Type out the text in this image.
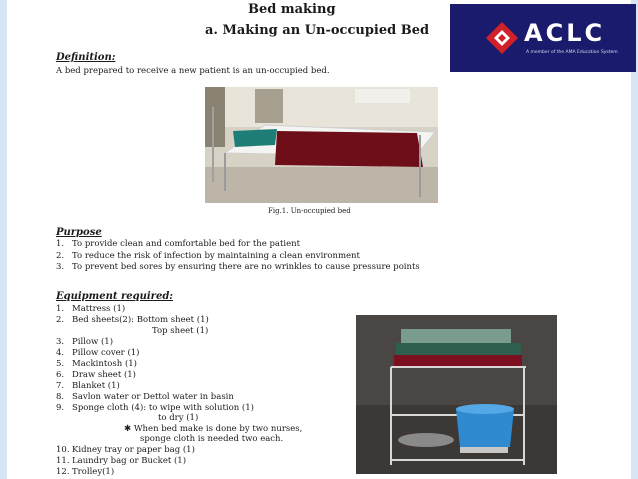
Bed making
a. Making an Un-occupied Bed	ACLC
A member of the AMA Education System
Definition:
A bed prepared to receive a new patient is an un-occupied bed.
Fig.1. Un-occupied bed
Purpose
1. To provide clean and comfortable bed for the patient
2. To reduce the risk of infection by maintaining a clean environment
3. To prevent bed sores by ensuring there are no wrinkles to cause pressure points
Equipment required:
1. Mattress (1)
2. Bed sheets(2): Bottom sheet (1)
Top sheet (1)
3. Pillow (1)
4. Pillow cover (1)
5. Mackintosh (1)
6. Draw sheet (1)
7. Blanket (1)
8. Savlon water or Dettol water in basin
9. Sponge cloth (4): to wipe with solution (1)
to dry (1)
✱ When bed make is done by two nurses,
sponge cloth is needed two each.
10. Kidney tray or paper bag (1)
11. Laundry bag or Bucket (1)
12. Trolley(1)
